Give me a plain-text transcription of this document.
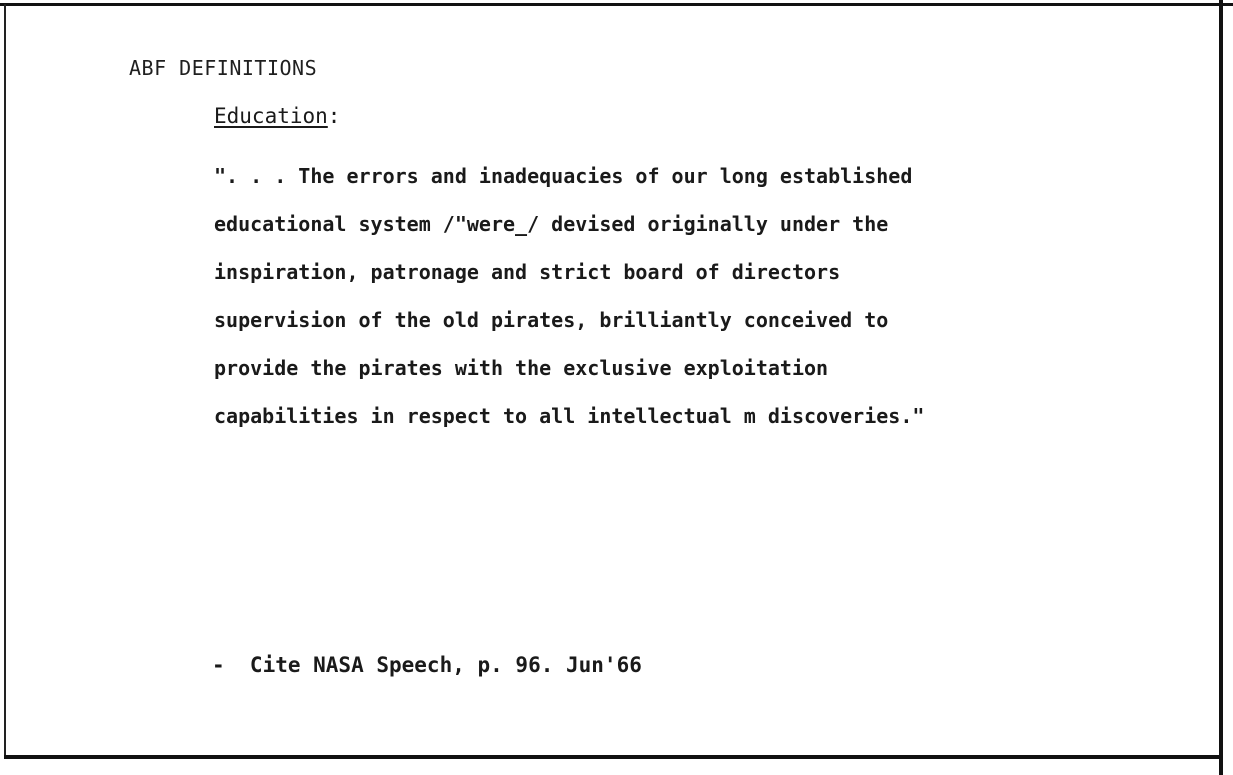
ABF DEFINITIONS
Education:
". . . The errors and inadequacies of our long established
educational system /"were_/ devised originally under the
inspiration, patronage and strict board of directors
supervision of the old pirates, brilliantly conceived to
provide the pirates with the exclusive exploitation
capabilities in respect to all intellectual m discoveries."
-  Cite NASA Speech, p. 96. Jun'66
